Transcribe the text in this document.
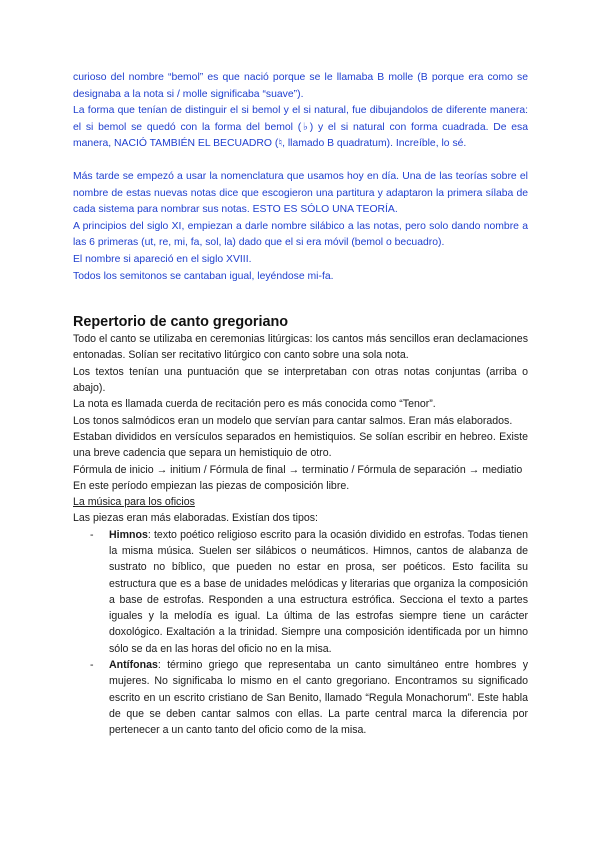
curioso del nombre “bemol” es que nació porque se le llamaba B molle (B porque era como se designaba a la nota si / molle significaba “suave”).

La forma que tenían de distinguir el si bemol y el si natural, fue dibujandolos de diferente manera: el si bemol se quedó con la forma del bemol (♭) y el si natural con forma cuadrada. De esa manera, NACIÓ TAMBIÉN EL BECUADRO (♮, llamado B quadratum). Increíble, lo sé.

Más tarde se empezó a usar la nomenclatura que usamos hoy en día. Una de las teorías sobre el nombre de estas nuevas notas dice que escogieron una partitura y adaptaron la primera sílaba de cada sistema para nombrar sus notas. ESTO ES SÓLO UNA TEORÍA.

A principios del siglo XI, empiezan a darle nombre silábico a las notas, pero solo dando nombre a las 6 primeras (ut, re, mi, fa, sol, la) dado que el si era móvil (bemol o becuadro).

El nombre si apareció en el siglo XVIII.

Todos los semitonos se cantaban igual, leyéndose mi-fa.

Repertorio de canto gregoriano

Todo el canto se utilizaba en ceremonias litúrgicas: los cantos más sencillos eran declamaciones entonadas. Solían ser recitativo litúrgico con canto sobre una sola nota.

Los textos tenían una puntuación que se interpretaban con otras notas conjuntas (arriba o abajo).

La nota es llamada cuerda de recitación pero es más conocida como “Tenor”.

Los tonos salmódicos eran un modelo que servían para cantar salmos. Eran más elaborados.

Estaban divididos en versículos separados en hemistiquios. Se solían escribir en hebreo. Existe una breve cadencia que separa un hemistiquio de otro.

Fórmula de inicio → initium / Fórmula de final → terminatio / Fórmula de separación → mediatio

En este período empiezan las piezas de composición libre.

La música para los oficios

Las piezas eran más elaboradas. Existían dos tipos:

- Himnos: texto poético religioso escrito para la ocasión dividido en estrofas. Todas tienen la misma música. Suelen ser silábicos o neumáticos. Himnos, cantos de alabanza de sustrato no bíblico, que pueden no estar en prosa, ser poéticos. Esto facilita su estructura que es a base de unidades melódicas y literarias que organiza la composición a base de estrofas. Responden a una estructura estrófica. Secciona el texto a partes iguales y la melodía es igual. La última de las estrofas siempre tiene un carácter doxológico. Exaltación a la trinidad. Siempre una composición identificada por un himno sólo se da en las horas del oficio no en la misa.
- Antífonas: término griego que representaba un canto simultáneo entre hombres y mujeres. No significaba lo mismo en el canto gregoriano. Encontramos su significado escrito en un escrito cristiano de San Benito, llamado “Regula Monachorum”. Este habla de que se deben cantar salmos con ellas. La parte central marca la diferencia por pertenecer a un canto tanto del oficio como de la misa.
